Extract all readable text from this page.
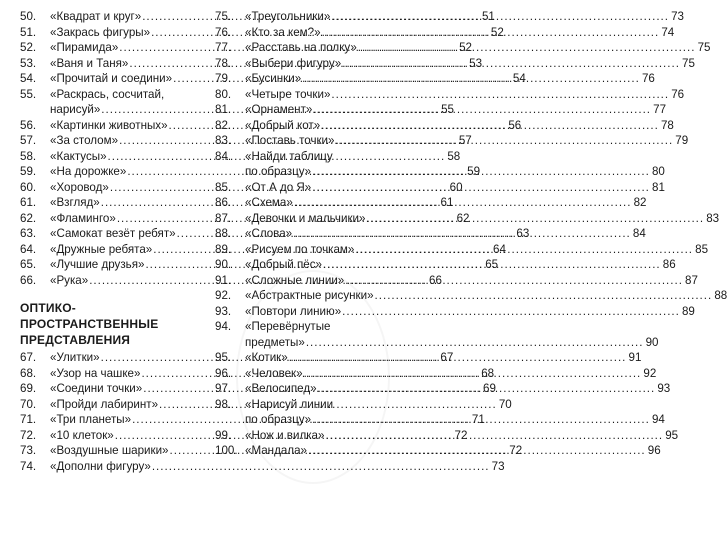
50.	«Квадрат и круг» .....	51
51.	«Закрась фигуры» .....	52
52.	«Пирамида» .....	52
53.	«Ваня и Таня» .....	53
54.	«Прочитай и соедини» .....	54
55.	«Раскрась, сосчитай,
нарисуй» .....	55
56.	«Картинки животных» .....	56
57.	«За столом» .....	57
58.	«Кактусы» .....	58
59.	«На дорожке» .....	59
60.	«Хоровод» .....	60
61.	«Взгляд» .....	61
62.	«Фламинго» .....	62
63.	«Самокат везёт ребят» .....	63
64.	«Дружные ребята» .....	64
65.	«Лучшие друзья» .....	65
66.	«Рука» .....	66
ОПТИКО-ПРОСТРАНСТВЕННЫЕ
ПРЕДСТАВЛЕНИЯ
67.	«Улитки» .....	67
68.	«Узор на чашке» .....	68
69.	«Соедини точки» .....	69
70.	«Пройди лабиринт» .....	70
71.	«Три планеты» .....	71
72.	«10 клеток» .....	72
73.	«Воздушные шарики» .....	72
74.	«Дополни фигуру» .....	73
75.	«Треугольники» .....	73
76.	«Кто за кем?» .....	74
77.	«Расставь на полку» .....	75
78.	«Выбери фигуру» .....	75
79.	«Бусинки» .....	76
80.	«Четыре точки» .....	76
81.	«Орнамент» .....	77
82.	«Добрый кот» .....	78
83.	«Поставь точки» .....	79
84.	«Найди таблицу
по образцу» .....	80
85.	«От А до Я» .....	81
86.	«Схема» .....	82
87.	«Девочки и мальчики» .....	83
88.	«Слова» .....	84
89.	«Рисуем по точкам» .....	85
90.	«Добрый пёс» .....	86
91.	«Сложные линии» .....	87
92.	«Абстрактные рисунки» .....	88
93.	«Повтори линию» .....	89
94.	«Перевёрнутые
предметы» .....	90
95.	«Котик» .....	91
96.	«Человек» .....	92
97.	«Велосипед» .....	93
98.	«Нарисуй линии
по образцу» .....	94
99.	«Нож и вилка» .....	95
100. «Мандала» .....	96
